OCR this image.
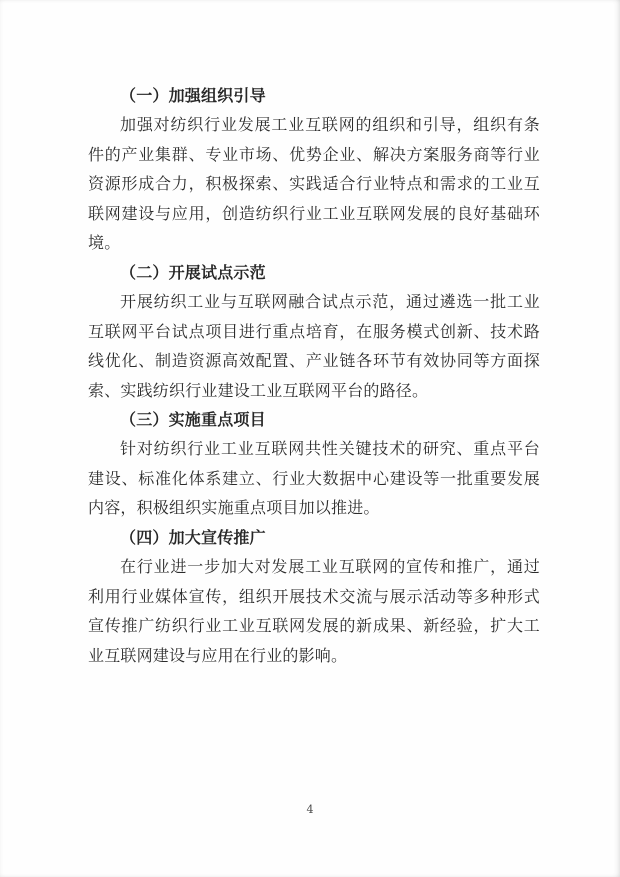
（一）加强组织引导

加强对纺织行业发展工业互联网的组织和引导，组织有条件的产业集群、专业市场、优势企业、解决方案服务商等行业资源形成合力，积极探索、实践适合行业特点和需求的工业互联网建设与应用，创造纺织行业工业互联网发展的良好基础环境。

（二）开展试点示范

开展纺织工业与互联网融合试点示范，通过遴选一批工业互联网平台试点项目进行重点培育，在服务模式创新、技术路线优化、制造资源高效配置、产业链各环节有效协同等方面探索、实践纺织行业建设工业互联网平台的路径。

（三）实施重点项目

针对纺织行业工业互联网共性关键技术的研究、重点平台建设、标准化体系建立、行业大数据中心建设等一批重要发展内容，积极组织实施重点项目加以推进。

（四）加大宣传推广

在行业进一步加大对发展工业互联网的宣传和推广，通过利用行业媒体宣传，组织开展技术交流与展示活动等多种形式宣传推广纺织行业工业互联网发展的新成果、新经验，扩大工业互联网建设与应用在行业的影响。

4
